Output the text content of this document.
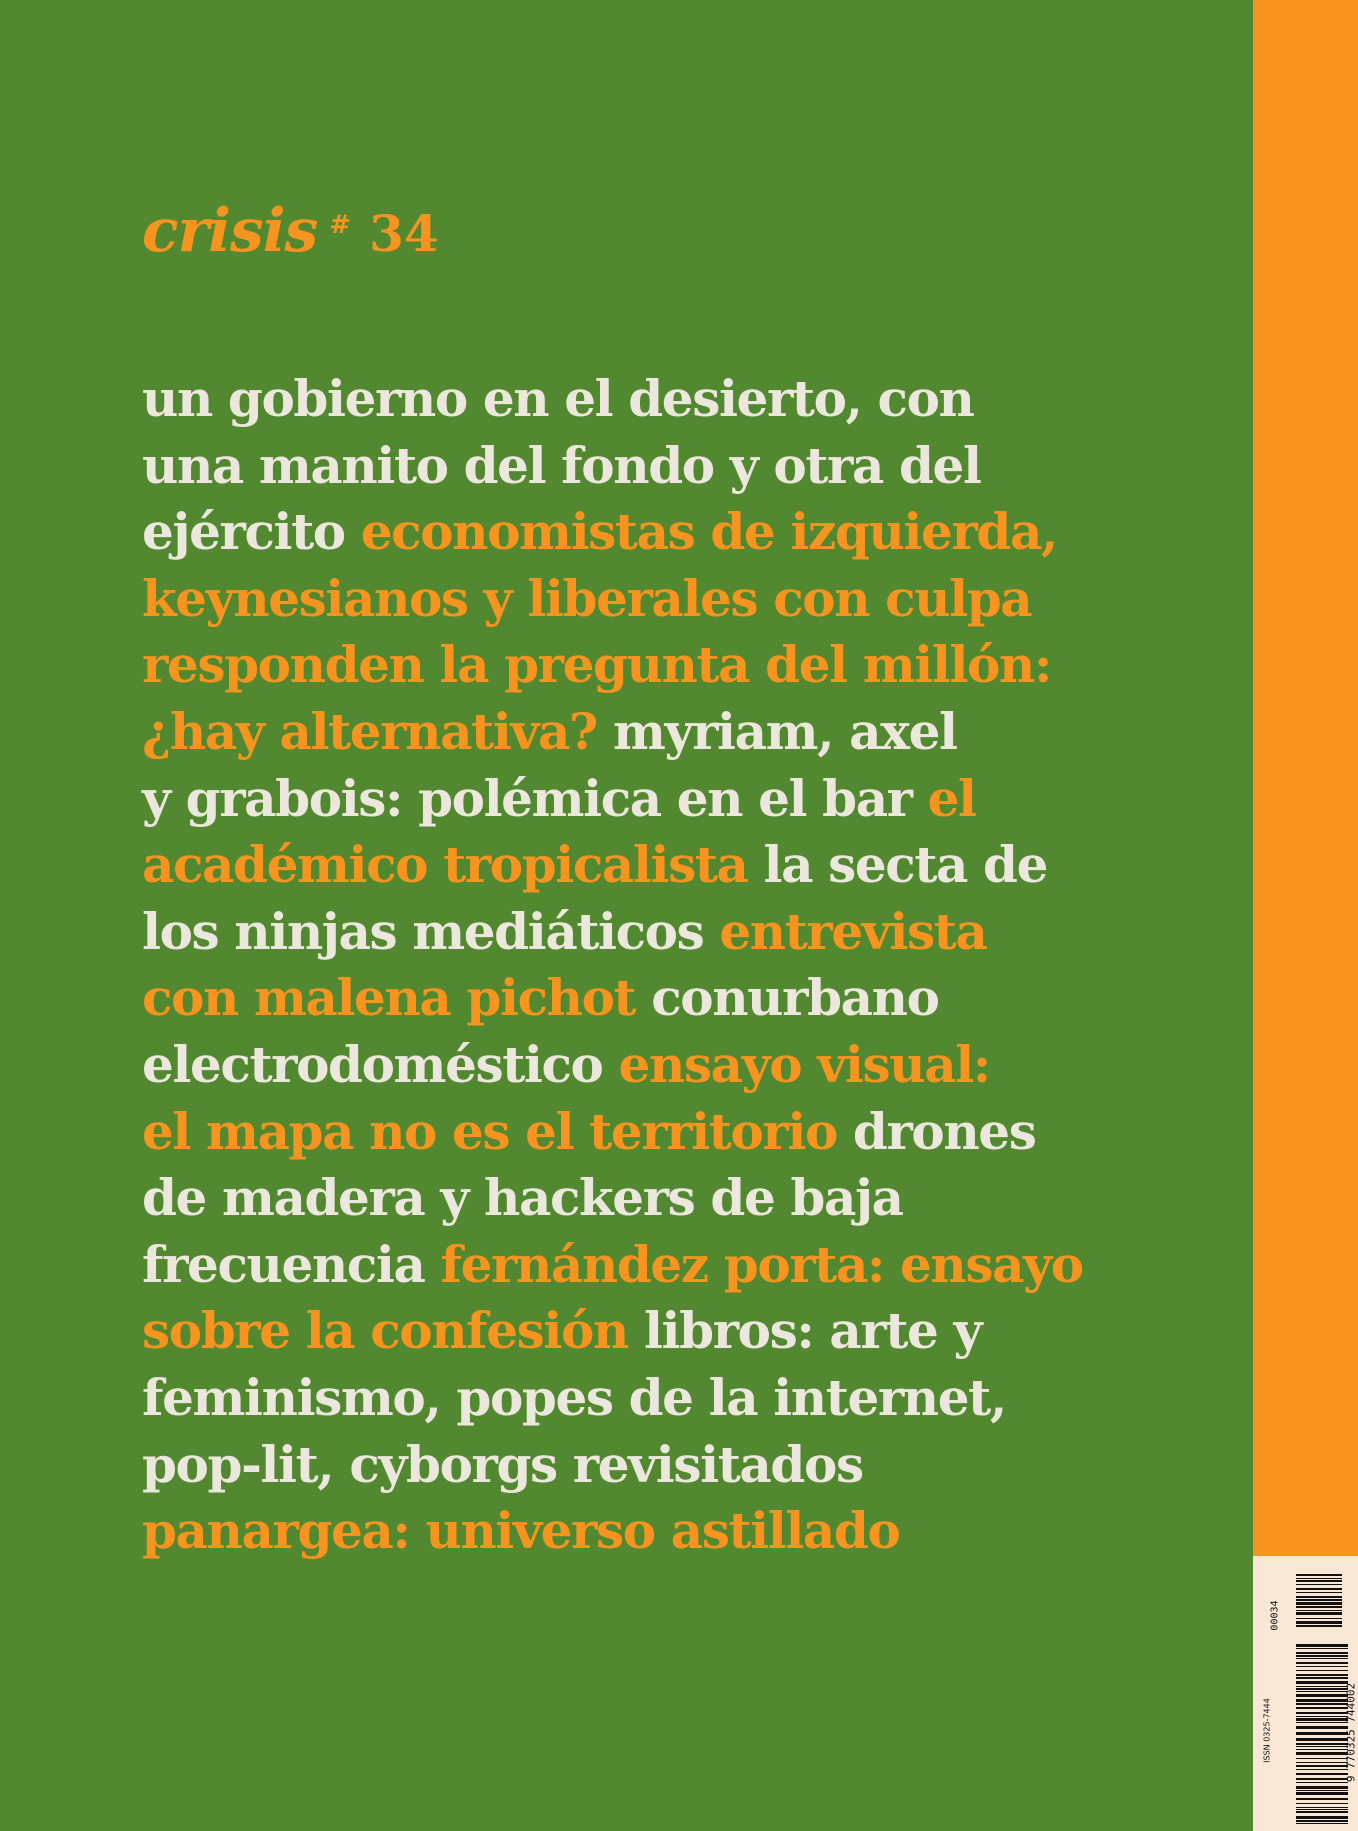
crisis # 34
un gobierno en el desierto, con
una manito del fondo y otra del
ejército economistas de izquierda,
keynesianos y liberales con culpa
responden la pregunta del millón:
¿hay alternativa? myriam, axel
y grabois: polémica en el bar el
académico tropicalista la secta de
los ninjas mediáticos entrevista
con malena pichot conurbano
electrodoméstico ensayo visual:
el mapa no es el territorio drones
de madera y hackers de baja
frecuencia fernández porta: ensayo
sobre la confesión libros: arte y
feminismo, popes de la internet,
pop-lit, cyborgs revisitados
panargea: universo astillado
00034
ISSN 0325-7444	9 770325 744002
